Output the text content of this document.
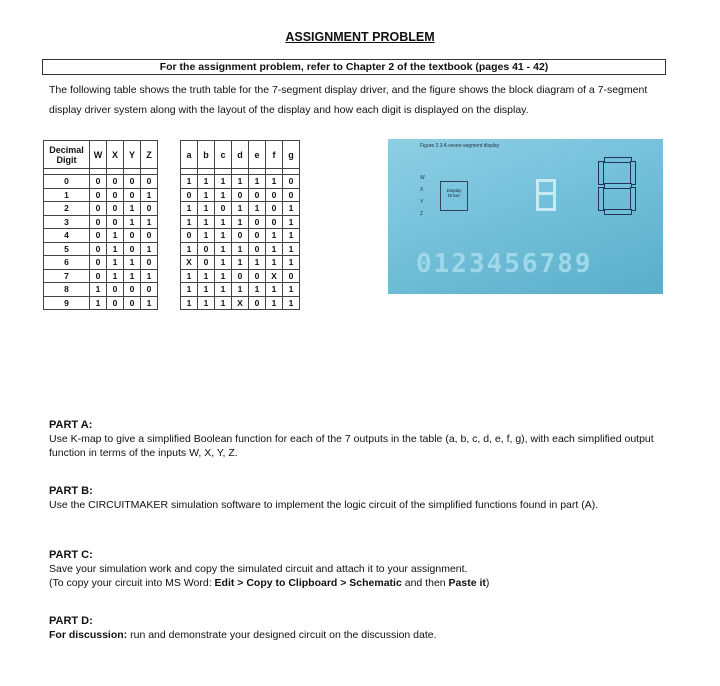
ASSIGNMENT PROBLEM
For the assignment problem, refer to Chapter 2 of the textbook (pages 41 - 42)
The following table shows the truth table for the 7-segment display driver, and the figure shows the block diagram of a 7-segment display driver system along with the layout of the display and how each digit is displayed on the display.
Decimal
Digit	W	X	Y	Z		a	b	c	d	e	f	g

0	0	0	0	0		1	1	1	1	1	1	0
1	0	0	0	1		0	1	1	0	0	0	0
2	0	0	1	0		1	1	0	1	1	0	1
3	0	0	1	1		1	1	1	1	0	0	1
4	0	1	0	0		0	1	1	0	0	1	1
5	0	1	0	1		1	0	1	1	0	1	1
6	0	1	1	0		X	0	1	1	1	1	1
7	0	1	1	1		1	1	1	0	0	X	0
8	1	0	0	0		1	1	1	1	1	1	1
9	1	0	0	1		1	1	1	X	0	1	1
Figure 2.3 A seven-segment display
W
X
Y
Z
Display Driver
0123456789
PART A:
Use K-map to give a simplified Boolean function for each of the 7 outputs in the table (a, b, c, d, e, f, g), with each simplified output function in terms of the inputs W, X, Y, Z.
PART B:
Use the CIRCUITMAKER simulation software to implement the logic circuit of the simplified functions found in part (A).
PART C:
Save your simulation work and copy the simulated circuit and attach it to your assignment.
(To copy your circuit into MS Word: Edit > Copy to Clipboard > Schematic and then Paste it)
PART D:
For discussion: run and demonstrate your designed circuit on the discussion date.
